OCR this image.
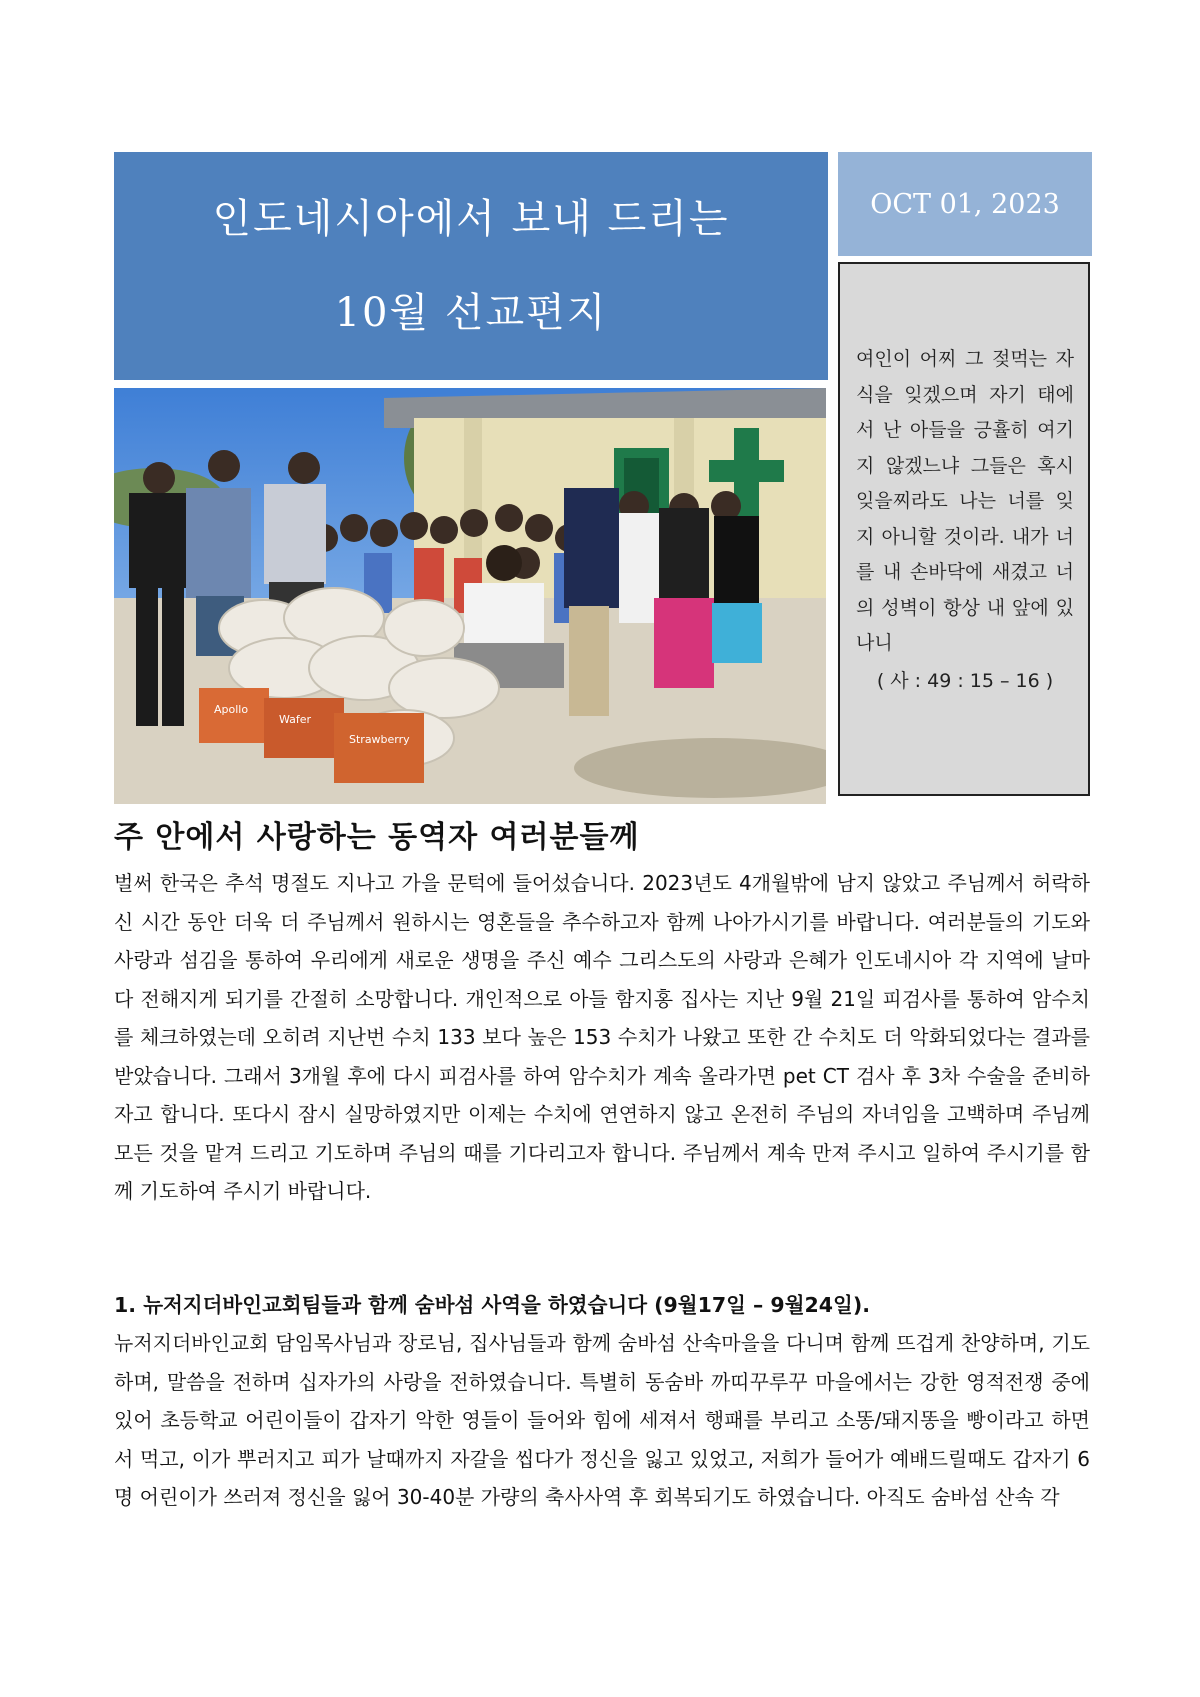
인도네시아에서 보내 드리는
10월 선교편지
OCT 01, 2023
여인이 어찌 그 젖먹는 자식을 잊겠으며 자기 태에서 난 아들을 긍휼히 여기지 않겠느냐 그들은 혹시 잊을찌라도 나는 너를 잊지 아니할 것이라. 내가 너를 내 손바닥에 새겼고 너의 성벽이 항상 내 앞에 있나니
( 사 : 49 : 15 – 16 )
Apollo
Wafer
Strawberry
주 안에서 사랑하는 동역자 여러분들께
벌써 한국은 추석 명절도 지나고 가을 문턱에 들어섰습니다. 2023년도 4개월밖에 남지 않았고 주님께서 허락하신 시간 동안 더욱 더 주님께서 원하시는 영혼들을 추수하고자 함께 나아가시기를 바랍니다. 여러분들의 기도와 사랑과 섬김을 통하여 우리에게 새로운 생명을 주신 예수 그리스도의 사랑과 은혜가 인도네시아 각 지역에 날마다 전해지게 되기를 간절히 소망합니다. 개인적으로 아들 함지홍 집사는 지난 9월 21일 피검사를 통하여 암수치를 체크하였는데 오히려 지난번 수치 133 보다 높은 153 수치가 나왔고 또한 간 수치도 더 악화되었다는 결과를 받았습니다. 그래서 3개월 후에 다시 피검사를 하여 암수치가 계속 올라가면 pet CT 검사 후 3차 수술을 준비하자고 합니다. 또다시 잠시 실망하였지만 이제는 수치에 연연하지 않고 온전히 주님의 자녀임을 고백하며 주님께 모든 것을 맡겨 드리고 기도하며 주님의 때를 기다리고자 합니다. 주님께서 계속 만져 주시고 일하여 주시기를 함께 기도하여 주시기 바랍니다.
1. 뉴저지더바인교회팀들과 함께 숨바섬 사역을 하였습니다 (9월17일 – 9월24일).
뉴저지더바인교회 담임목사님과 장로님, 집사님들과 함께 숨바섬 산속마을을 다니며 함께 뜨겁게 찬양하며, 기도하며, 말씀을 전하며 십자가의 사랑을 전하였습니다. 특별히 동숨바 까띠꾸루꾸 마을에서는 강한 영적전쟁 중에 있어 초등학교 어린이들이 갑자기 악한 영들이 들어와 힘에 세져서 행패를 부리고 소똥/돼지똥을 빵이라고 하면서 먹고, 이가 뿌러지고 피가 날때까지 자갈을 씹다가 정신을 잃고 있었고, 저희가 들어가 예배드릴때도 갑자기 6명 어린이가 쓰러져 정신을 잃어 30-40분 가량의 축사사역 후 회복되기도 하였습니다. 아직도 숨바섬 산속 각
